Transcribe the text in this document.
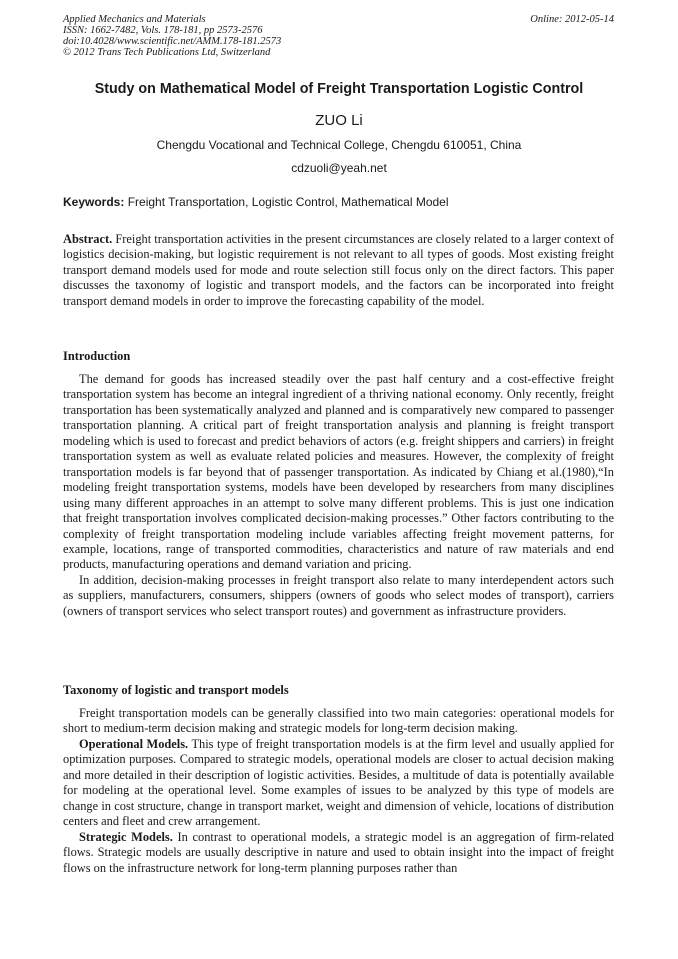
Applied Mechanics and Materials
ISSN: 1662-7482, Vols. 178-181, pp 2573-2576
doi:10.4028/www.scientific.net/AMM.178-181.2573
© 2012 Trans Tech Publications Ltd, Switzerland
Online: 2012-05-14
Study on Mathematical Model of Freight Transportation Logistic Control
ZUO Li
Chengdu Vocational and Technical College, Chengdu 610051, China
cdzuoli@yeah.net
Keywords: Freight Transportation, Logistic Control, Mathematical Model

Abstract. Freight transportation activities in the present circumstances are closely related to a larger context of logistics decision-making, but logistic requirement is not relevant to all types of goods. Most existing freight transport demand models used for mode and route selection still focus only on the direct factors. This paper discusses the taxonomy of logistic and transport models, and the factors can be incorporated into freight transport demand models in order to improve the forecasting capability of the model.

Introduction

The demand for goods has increased steadily over the past half century and a cost-effective freight transportation system has become an integral ingredient of a thriving national economy. Only recently, freight transportation has been systematically analyzed and planned and is comparatively new compared to passenger transportation planning. A critical part of freight transportation analysis and planning is freight transport modeling which is used to forecast and predict behaviors of actors (e.g. freight shippers and carriers) in freight transportation system as well as evaluate related policies and measures. However, the complexity of freight transportation models is far beyond that of passenger transportation. As indicated by Chiang et al.(1980),“In modeling freight transportation systems, models have been developed by researchers from many disciplines using many different approaches in an attempt to solve many different problems. This is just one indication that freight transportation involves complicated decision-making processes.” Other factors contributing to the complexity of freight transportation modeling include variables affecting freight movement patterns, for example, locations, range of transported commodities, characteristics and nature of raw materials and end products, manufacturing operations and demand variation and pricing.

In addition, decision-making processes in freight transport also relate to many interdependent actors such as suppliers, manufacturers, consumers, shippers (owners of goods who select modes of transport), carriers (owners of transport services who select transport routes) and government as infrastructure providers.

Taxonomy of logistic and transport models

Freight transportation models can be generally classified into two main categories: operational models for short to medium-term decision making and strategic models for long-term decision making.

Operational Models. This type of freight transportation models is at the firm level and usually applied for optimization purposes. Compared to strategic models, operational models are closer to actual decision making and more detailed in their description of logistic activities. Besides, a multitude of data is potentially available for modeling at the operational level. Some examples of issues to be analyzed by this type of models are change in cost structure, change in transport market, weight and dimension of vehicle, locations of distribution centers and fleet and crew arrangement.

Strategic Models. In contrast to operational models, a strategic model is an aggregation of firm-related flows. Strategic models are usually descriptive in nature and used to obtain insight into the impact of freight flows on the infrastructure network for long-term planning purposes rather than
